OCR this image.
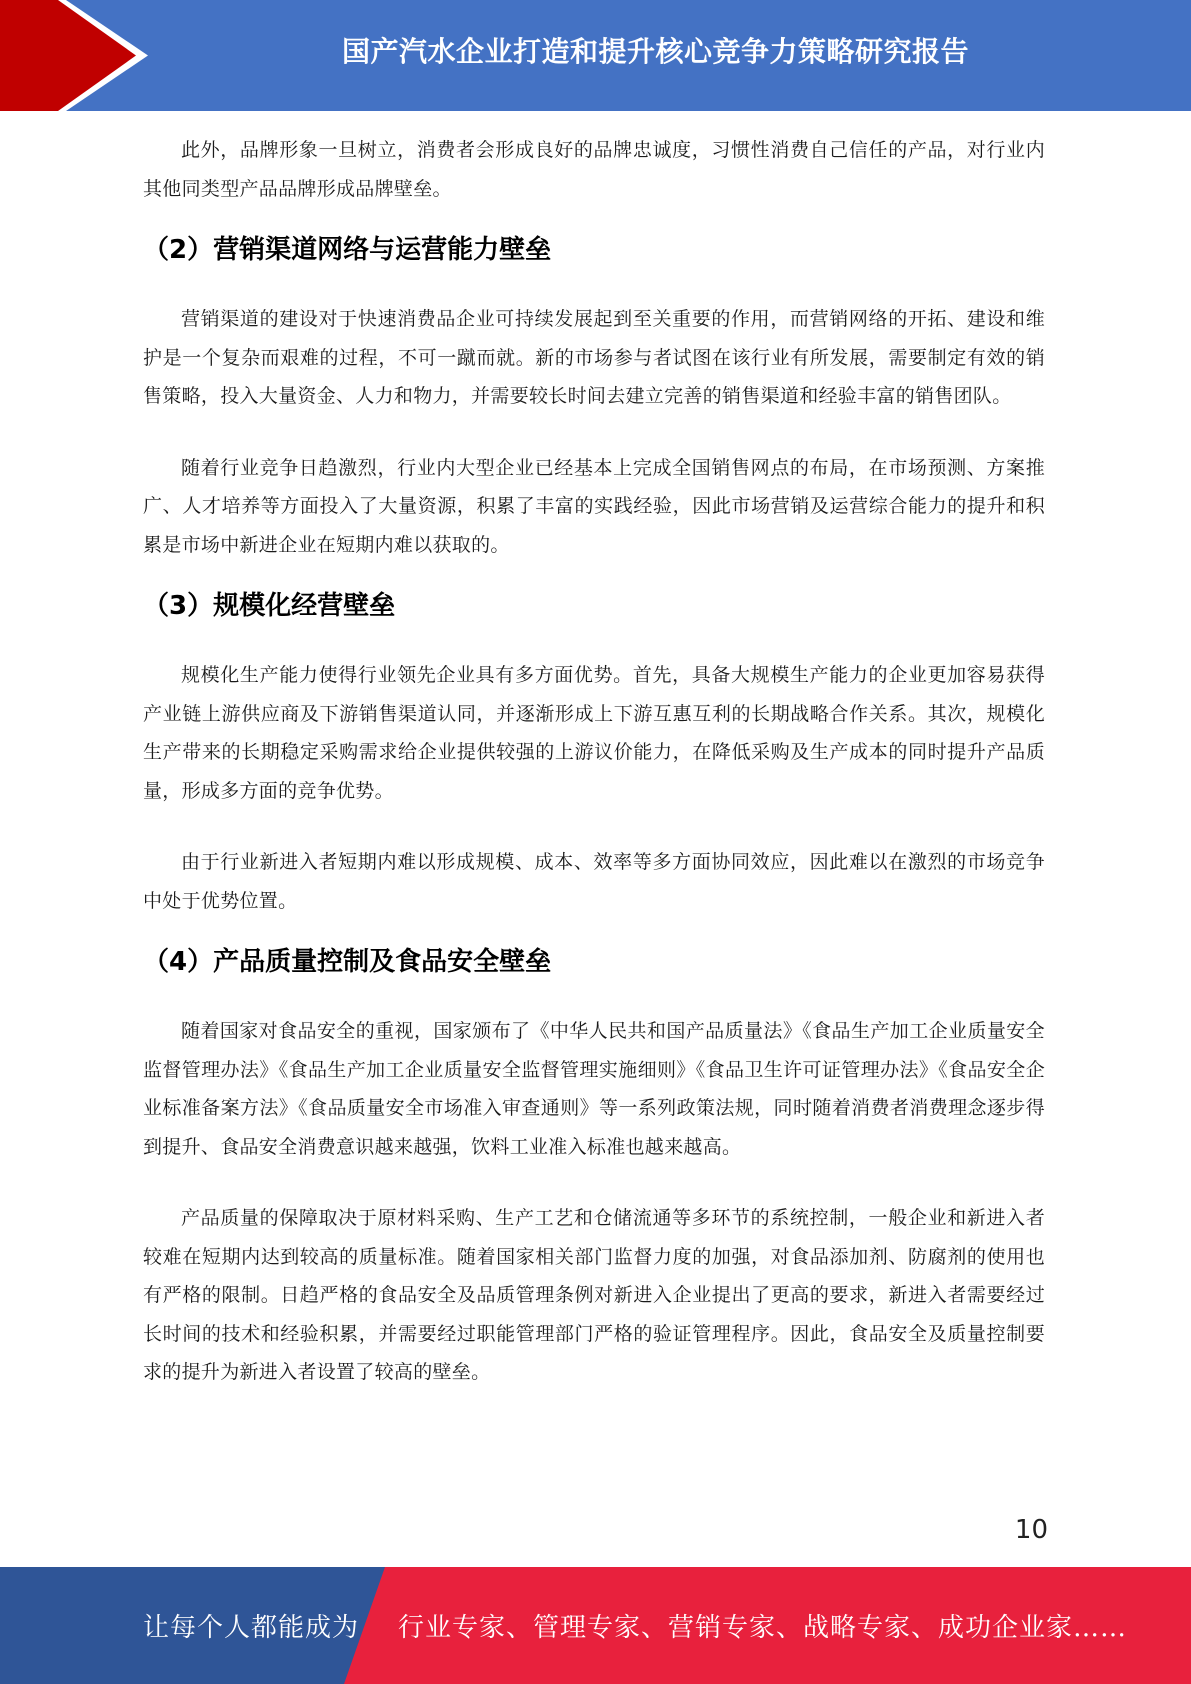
国产汽水企业打造和提升核心竞争力策略研究报告

此外，品牌形象一旦树立，消费者会形成良好的品牌忠诚度，习惯性消费自己信任的产品，对行业内其他同类型产品品牌形成品牌壁垒。

（2）营销渠道网络与运营能力壁垒

营销渠道的建设对于快速消费品企业可持续发展起到至关重要的作用，而营销网络的开拓、建设和维护是一个复杂而艰难的过程，不可一蹴而就。新的市场参与者试图在该行业有所发展，需要制定有效的销售策略，投入大量资金、人力和物力，并需要较长时间去建立完善的销售渠道和经验丰富的销售团队。

随着行业竞争日趋激烈，行业内大型企业已经基本上完成全国销售网点的布局，在市场预测、方案推广、人才培养等方面投入了大量资源，积累了丰富的实践经验，因此市场营销及运营综合能力的提升和积累是市场中新进企业在短期内难以获取的。

（3）规模化经营壁垒

规模化生产能力使得行业领先企业具有多方面优势。首先，具备大规模生产能力的企业更加容易获得产业链上游供应商及下游销售渠道认同，并逐渐形成上下游互惠互利的长期战略合作关系。其次，规模化生产带来的长期稳定采购需求给企业提供较强的上游议价能力，在降低采购及生产成本的同时提升产品质量，形成多方面的竞争优势。

由于行业新进入者短期内难以形成规模、成本、效率等多方面协同效应，因此难以在激烈的市场竞争中处于优势位置。

（4）产品质量控制及食品安全壁垒

随着国家对食品安全的重视，国家颁布了《中华人民共和国产品质量法》《食品生产加工企业质量安全监督管理办法》《食品生产加工企业质量安全监督管理实施细则》《食品卫生许可证管理办法》《食品安全企业标准备案方法》《食品质量安全市场准入审查通则》等一系列政策法规，同时随着消费者消费理念逐步得到提升、食品安全消费意识越来越强，饮料工业准入标准也越来越高。

产品质量的保障取决于原材料采购、生产工艺和仓储流通等多环节的系统控制，一般企业和新进入者较难在短期内达到较高的质量标准。随着国家相关部门监督力度的加强，对食品添加剂、防腐剂的使用也有严格的限制。日趋严格的食品安全及品质管理条例对新进入企业提出了更高的要求，新进入者需要经过长时间的技术和经验积累，并需要经过职能管理部门严格的验证管理程序。因此，食品安全及质量控制要求的提升为新进入者设置了较高的壁垒。

10
让每个人都能成为 行业专家、管理专家、营销专家、战略专家、成功企业家……
